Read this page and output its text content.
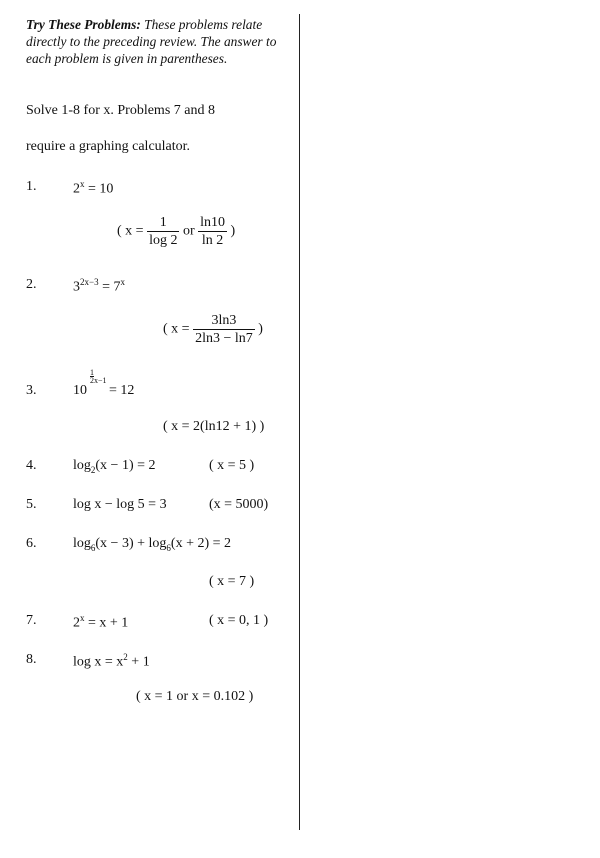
Try These Problems: These problems relate directly to the preceding review. The answer to each problem is given in parentheses.
Solve 1-8 for x. Problems 7 and 8
require a graphing calculator.
1.	$2^x = 10$
( $x = \frac{1}{\log 2}$ or $\frac{\ln 10}{\ln 2}$ )
2.	$3^{2x-3} = 7^x$
( $x = \frac{3\ln 3}{2\ln 3 - \ln 7}$ )
3.	10
$\frac{1}{2} x-1$
= 12
( x = 2(ln12 + 1) )
4.	$\log_2(x - 1) = 2$	( x = 5 )
5.	log x − log 5 = 3	(x = 5000)
6.	$\log_6(x - 3) + \log_6(x + 2) = 2$
( x = 7 )
7.	$2^x = x + 1$	( x = 0, 1 )
8.	$\log x = x^2 + 1$
( x = 1 or x = 0.102 )
